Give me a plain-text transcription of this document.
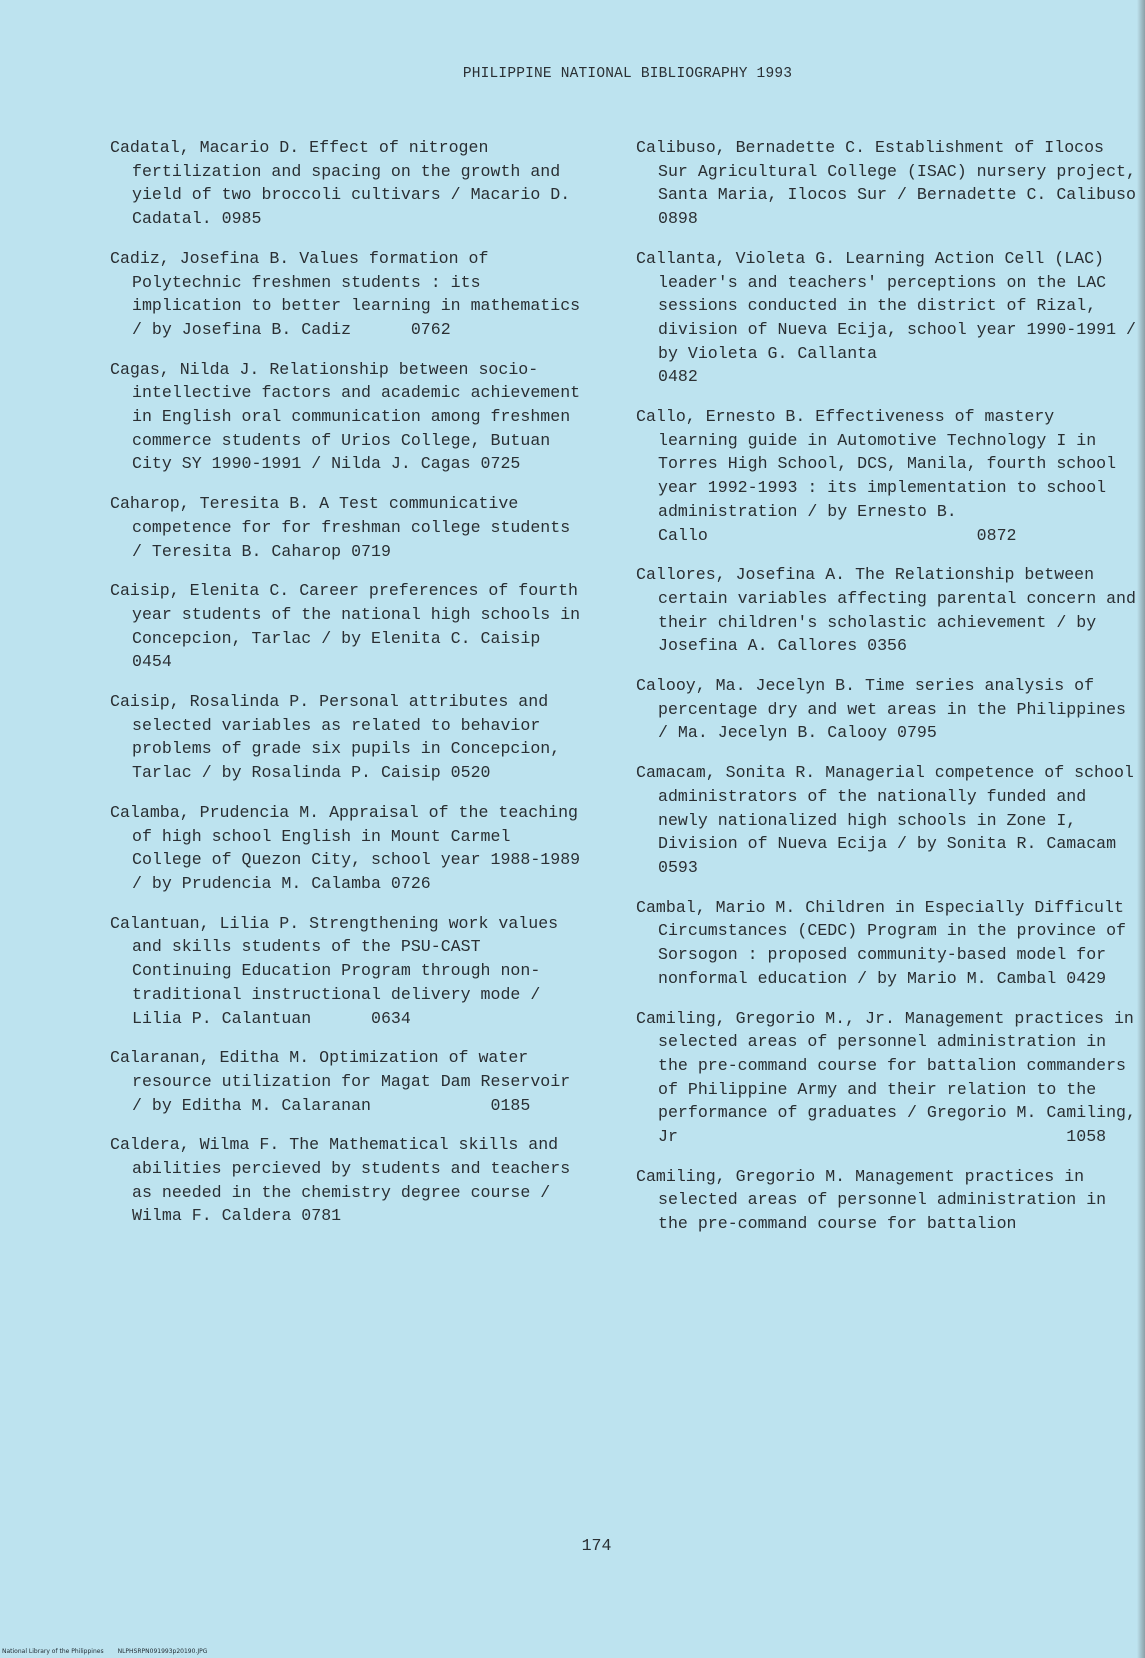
PHILIPPINE NATIONAL BIBLIOGRAPHY 1993

Cadatal, Macario D. Effect of nitrogen fertilization and spacing on the growth and yield of two broccoli cultivars / Macario D. Cadatal. 0985

Cadiz, Josefina B. Values formation of Polytechnic freshmen students : its implication to better learning in mathematics / by Josefina B. Cadiz      0762

Cagas, Nilda J. Relationship between socio-intellective factors and academic achievement in English oral communication among freshmen commerce students of Urios College, Butuan City SY 1990-1991 / Nilda J. Cagas 0725

Caharop, Teresita B. A Test communicative competence for for freshman college students / Teresita B. Caharop 0719

Caisip, Elenita C. Career preferences of fourth year students of the national high schools in Concepcion, Tarlac / by Elenita C. Caisip 0454

Caisip, Rosalinda P. Personal attributes and selected variables as related to behavior problems of grade six pupils in Concepcion, Tarlac / by Rosalinda P. Caisip 0520

Calamba, Prudencia M. Appraisal of the teaching of high school English in Mount Carmel College of Quezon City, school year 1988-1989 / by Prudencia M. Calamba 0726

Calantuan, Lilia P. Strengthening work values and skills students of the PSU-CAST Continuing Education Program through non-traditional instructional delivery mode / Lilia P. Calantuan      0634

Calaranan, Editha M. Optimization of water resource utilization for Magat Dam Reservoir / by Editha M. Calaranan            0185

Caldera, Wilma F. The Mathematical skills and abilities percieved by students and teachers as needed in the chemistry degree course / Wilma F. Caldera 0781

Calibuso, Bernadette C. Establishment of Ilocos Sur Agricultural College (ISAC) nursery project, Santa Maria, Ilocos Sur / Bernadette C. Calibuso 0898

Callanta, Violeta G. Learning Action Cell (LAC) leader's and teachers' perceptions on the LAC sessions conducted in the district of Rizal, division of Nueva Ecija, school year 1990-1991 / by Violeta G. Callanta                           0482

Callo, Ernesto B. Effectiveness of mastery learning guide in Automotive Technology I in Torres High School, DCS, Manila, fourth school year 1992-1993 : its implementation to school administration / by Ernesto B. Callo                           0872

Callores, Josefina A. The Relationship between certain variables affecting parental concern and their children's scholastic achievement / by Josefina A. Callores 0356

Calooy, Ma. Jecelyn B. Time series analysis of percentage dry and wet areas in the Philippines / Ma. Jecelyn B. Calooy 0795

Camacam, Sonita R. Managerial competence of school administrators of the nationally funded and newly nationalized high schools in Zone I, Division of Nueva Ecija / by Sonita R. Camacam 0593

Cambal, Mario M. Children in Especially Difficult Circumstances (CEDC) Program in the province of Sorsogon : proposed community-based model for nonformal education / by Mario M. Cambal 0429

Camiling, Gregorio M., Jr. Management practices in selected areas of personnel administration in the pre-command course for battalion commanders of Philippine Army and their relation to the performance of graduates / Gregorio M. Camiling, Jr                                       1058

Camiling, Gregorio M. Management practices in selected areas of personnel administration in the pre-command course for battalion

174
National Library of the Philippines NLPHSRPN091993p20190.JPG
